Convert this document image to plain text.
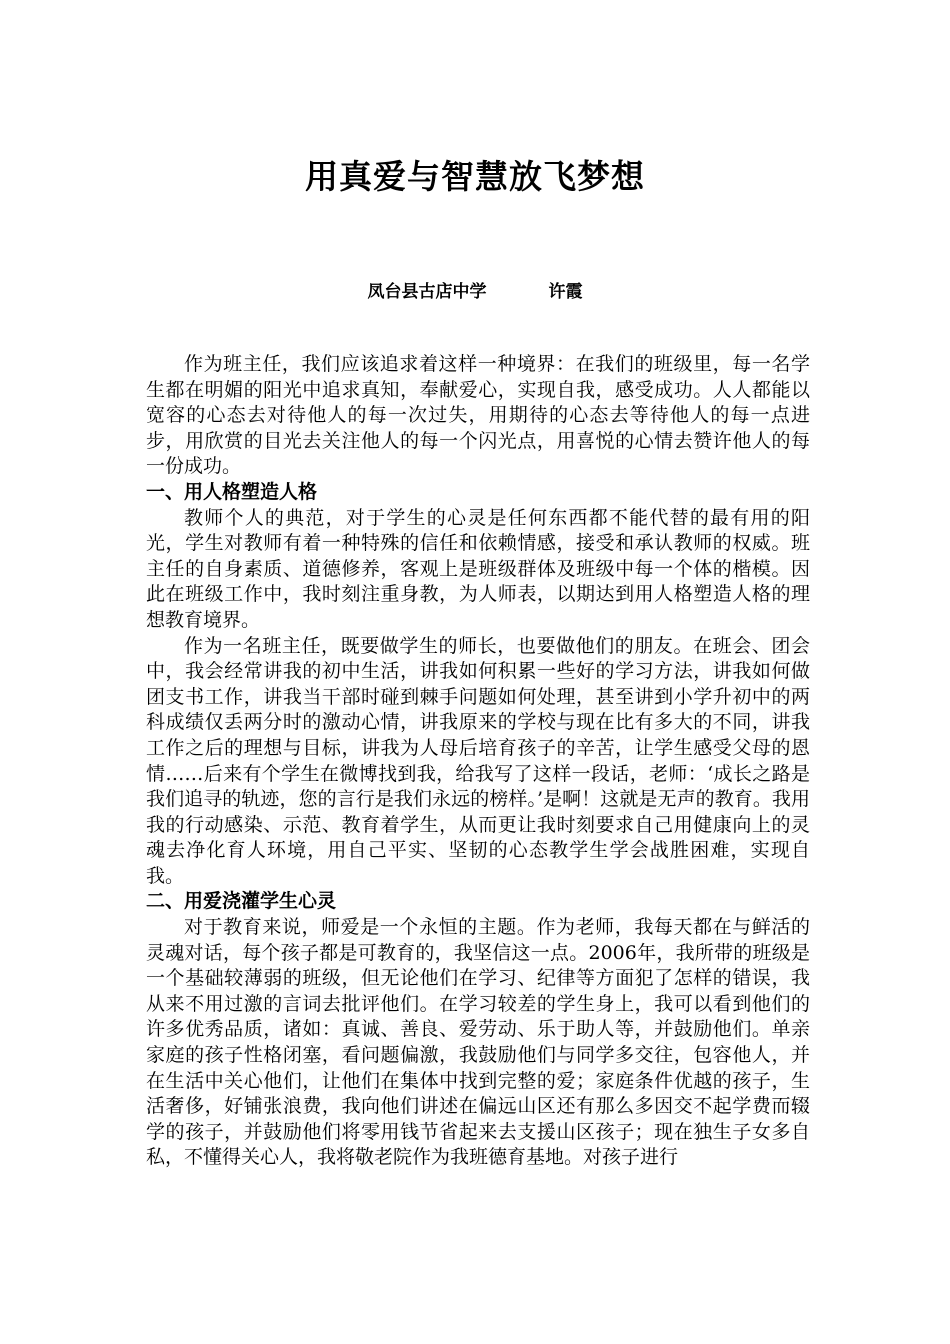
用真爱与智慧放飞梦想
凤台县古店中学	许霞

作为班主任，我们应该追求着这样一种境界：在我们的班级里，每一名学生都在明媚的阳光中追求真知，奉献爱心，实现自我，感受成功。人人都能以宽容的心态去对待他人的每一次过失，用期待的心态去等待他人的每一点进步，用欣赏的目光去关注他人的每一个闪光点，用喜悦的心情去赞许他人的每一份成功。

一、用人格塑造人格

教师个人的典范，对于学生的心灵是任何东西都不能代替的最有用的阳光，学生对教师有着一种特殊的信任和依赖情感，接受和承认教师的权威。班主任的自身素质、道德修养，客观上是班级群体及班级中每一个体的楷模。因此在班级工作中，我时刻注重身教，为人师表，以期达到用人格塑造人格的理想教育境界。

作为一名班主任，既要做学生的师长，也要做他们的朋友。在班会、团会中，我会经常讲我的初中生活，讲我如何积累一些好的学习方法，讲我如何做团支书工作，讲我当干部时碰到棘手问题如何处理，甚至讲到小学升初中的两科成绩仅丢两分时的激动心情，讲我原来的学校与现在比有多大的不同，讲我工作之后的理想与目标，讲我为人母后培育孩子的辛苦，让学生感受父母的恩情……后来有个学生在微博找到我，给我写了这样一段话，老师：‘成长之路是我们追寻的轨迹，您的言行是我们永远的榜样。’是啊！这就是无声的教育。我用我的行动感染、示范、教育着学生，从而更让我时刻要求自己用健康向上的灵魂去净化育人环境，用自己平实、坚韧的心态教学生学会战胜困难，实现自我。

二、用爱浇灌学生心灵

对于教育来说，师爱是一个永恒的主题。作为老师，我每天都在与鲜活的灵魂对话，每个孩子都是可教育的，我坚信这一点。2006年，我所带的班级是一个基础较薄弱的班级，但无论他们在学习、纪律等方面犯了怎样的错误，我从来不用过激的言词去批评他们。在学习较差的学生身上，我可以看到他们的许多优秀品质，诸如：真诚、善良、爱劳动、乐于助人等，并鼓励他们。单亲家庭的孩子性格闭塞，看问题偏激，我鼓励他们与同学多交往，包容他人，并在生活中关心他们，让他们在集体中找到完整的爱；家庭条件优越的孩子，生活奢侈，好铺张浪费，我向他们讲述在偏远山区还有那么多因交不起学费而辍学的孩子，并鼓励他们将零用钱节省起来去支援山区孩子；现在独生子女多自私，不懂得关心人，我将敬老院作为我班德育基地。对孩子进行
